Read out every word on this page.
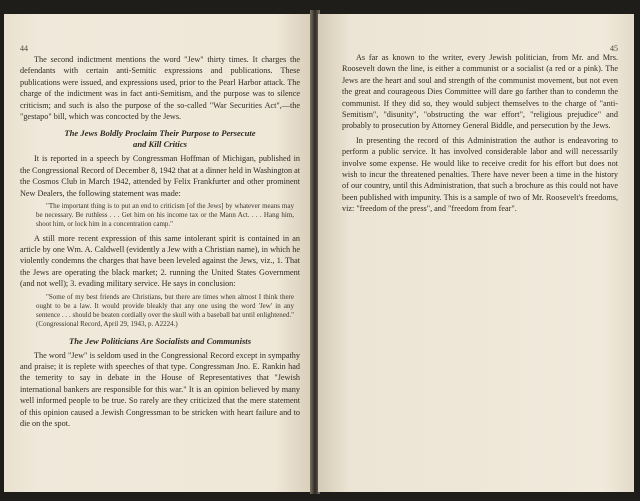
44

The second indictment mentions the word "Jew" thirty times. It charges the defendants with certain anti-Semitic expressions and publications. These publications were issued, and expressions used, prior to the Pearl Harbor attack. The charge of the indictment was in fact anti-Semitism, and the purpose was to silence criticism; and such is also the purpose of the so-called "War Securities Act",—the "gestapo" bill, which was concocted by the Jews.

The Jews Boldly Proclaim Their Purpose to Persecute
and Kill Critics

It is reported in a speech by Congressman Hoffman of Michigan, published in the Congressional Record of December 8, 1942 that at a dinner held in Washington at the Cosmos Club in March 1942, attended by Felix Frankfurter and other prominent New Dealers, the following statement was made:

"The important thing is to put an end to criticism [of the Jews] by whatever means may be necessary. Be ruthless . . . Get him on his income tax or the Mann Act. . . . Hang him, shoot him, or lock him in a concentration camp."

A still more recent expression of this same intolerant spirit is contained in an article by one Wm. A. Caldwell (evidently a Jew with a Christian name), in which he violently condemns the charges that have been leveled against the Jews, viz., 1. That the Jews are operating the black market; 2. running the United States Government (and not well); 3. evading military service. He says in conclusion:

"Some of my best friends are Christians, but there are times when almost I think there ought to be a law. It would provide bleakly that any one using the word 'Jew' in any sentence . . . should be beaten cordially over the skull with a baseball bat until enlightened." (Congressional Record, April 29, 1943, p. A2224.)
The Jew Politicians Are Socialists and Communists

The word "Jew" is seldom used in the Congressional Record except in sympathy and praise; it is replete with speeches of that type. Congressman Jno. E. Rankin had the temerity to say in debate in the House of Representatives that "Jewish international bankers are responsible for this war." It is an opinion believed by many well informed people to be true. So rarely are they criticized that the mere statement of this opinion caused a Jewish Congressman to be stricken with heart failure and to die on the spot.

45

As far as known to the writer, every Jewish politician, from Mr. and Mrs. Roosevelt down the line, is either a communist or a socialist (a red or a pink). The Jews are the heart and soul and strength of the communist movement, but not even the great and courageous Dies Committee will dare go farther than to condemn the communist. If they did so, they would subject themselves to the charge of "anti-Semitism", "disunity", "obstructing the war effort", "religious prejudice" and probably to prosecution by Attorney General Biddle, and persecution by the Jews.

In presenting the record of this Administration the author is endeavoring to perform a public service. It has involved considerable labor and will necessarily involve some expense. He would like to receive credit for his effort but does not wish to incur the threatened penalties. There have never been a time in the history of our country, until this Administration, that such a brochure as this could not have been published with impunity. This is a sample of two of Mr. Roosevelt's freedoms, viz: "freedom of the press", and "freedom from fear".
